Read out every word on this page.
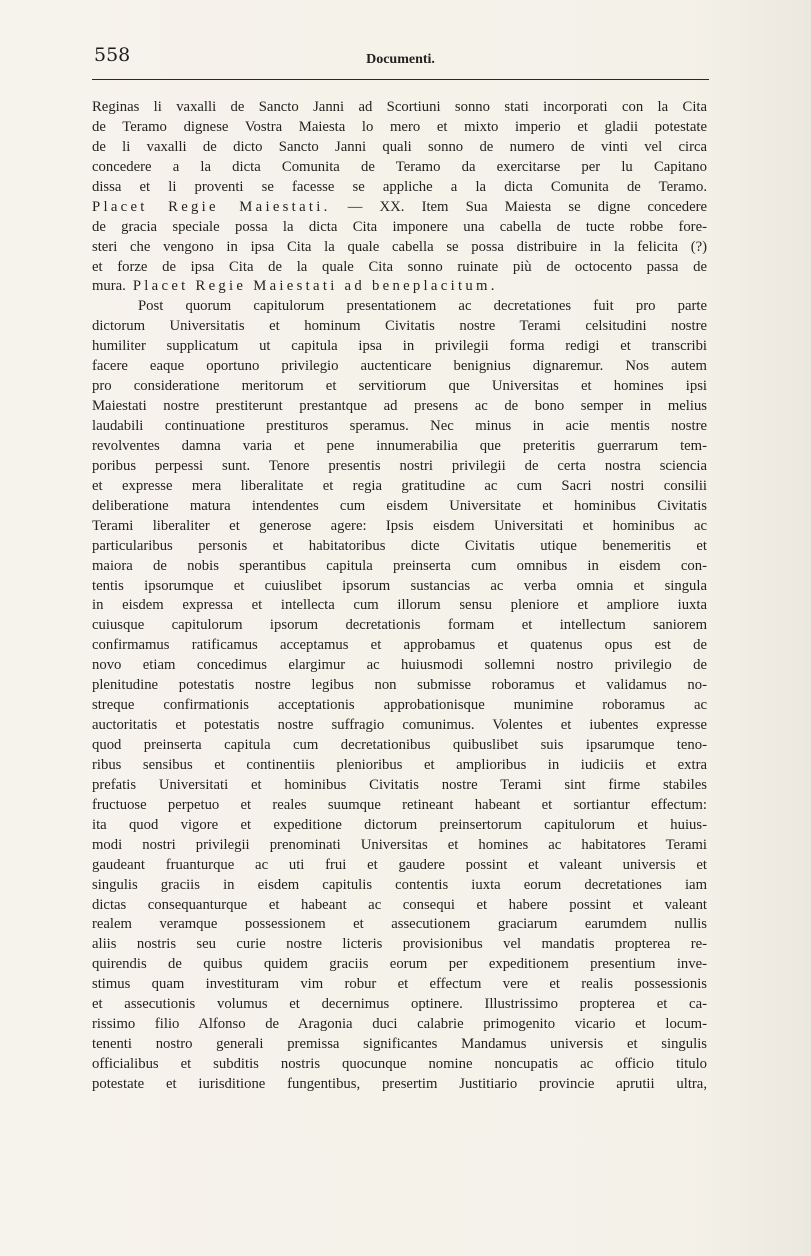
558	Documenti.
Reginas li vaxalli de Sancto Janni ad Scortiuni sonno stati incorporati con la Cita
de Teramo dignese Vostra Maiesta lo mero et mixto imperio et gladii potestate
de li vaxalli de dicto Sancto Janni quali sonno de numero de vinti vel circa
concedere a la dicta Comunita de Teramo da exercitarse per lu Capitano
dissa et li proventi se facesse se appliche a la dicta Comunita de Teramo.
Placet Regie Maiestati. — XX. Item Sua Maiesta se digne concedere
de gracia speciale possa la dicta Cita imponere una cabella de tucte robbe fore-
steri che vengono in ipsa Cita la quale cabella se possa distribuire in la felicita (?)
et forze de ipsa Cita de la quale Cita sonno ruinate più de octocento passa de
mura. Placet Regie Maiestati ad beneplacitum.
Post quorum capitulorum presentationem ac decretationes fuit pro parte
dictorum Universitatis et hominum Civitatis nostre Terami celsitudini nostre
humiliter supplicatum ut capitula ipsa in privilegii forma redigi et transcribi
facere eaque oportuno privilegio auctenticare benignius dignaremur. Nos autem
pro consideratione meritorum et servitiorum que Universitas et homines ipsi
Maiestati nostre prestiterunt prestantque ad presens ac de bono semper in melius
laudabili continuatione prestituros speramus. Nec minus in acie mentis nostre
revolventes damna varia et pene innumerabilia que preteritis guerrarum tem-
poribus perpessi sunt. Tenore presentis nostri privilegii de certa nostra sciencia
et expresse mera liberalitate et regia gratitudine ac cum Sacri nostri consilii
deliberatione matura intendentes cum eisdem Universitate et hominibus Civitatis
Terami liberaliter et generose agere: Ipsis eisdem Universitati et hominibus ac
particularibus personis et habitatoribus dicte Civitatis utique benemeritis et
maiora de nobis sperantibus capitula preinserta cum omnibus in eisdem con-
tentis ipsorumque et cuiuslibet ipsorum sustancias ac verba omnia et singula
in eisdem expressa et intellecta cum illorum sensu pleniore et ampliore iuxta
cuiusque capitulorum ipsorum decretationis formam et intellectum saniorem
confirmamus ratificamus acceptamus et approbamus et quatenus opus est de
novo etiam concedimus elargimur ac huiusmodi sollemni nostro privilegio de
plenitudine potestatis nostre legibus non submisse roboramus et validamus no-
streque confirmationis acceptationis approbationisque munimine roboramus ac
auctoritatis et potestatis nostre suffragio comunimus. Volentes et iubentes expresse
quod preinserta capitula cum decretationibus quibuslibet suis ipsarumque teno-
ribus sensibus et continentiis plenioribus et amplioribus in iudiciis et extra
prefatis Universitati et hominibus Civitatis nostre Terami sint firme stabiles
fructuose perpetuo et reales suumque retineant habeant et sortiantur effectum:
ita quod vigore et expeditione dictorum preinsertorum capitulorum et huius-
modi nostri privilegii prenominati Universitas et homines ac habitatores Terami
gaudeant fruanturque ac uti frui et gaudere possint et valeant universis et
singulis graciis in eisdem capitulis contentis iuxta eorum decretationes iam
dictas consequanturque et habeant ac consequi et habere possint et valeant
realem veramque possessionem et assecutionem graciarum earumdem nullis
aliis nostris seu curie nostre licteris provisionibus vel mandatis propterea re-
quirendis de quibus quidem graciis eorum per expeditionem presentium inve-
stimus quam investituram vim robur et effectum vere et realis possessionis
et assecutionis volumus et decernimus optinere. Illustrissimo propterea et ca-
rissimo filio Alfonso de Aragonia duci calabrie primogenito vicario et locum-
tenenti nostro generali premissa significantes Mandamus universis et singulis
officialibus et subditis nostris quocunque nomine noncupatis ac officio titulo
potestate et iurisditione fungentibus, presertim Justitiario provincie aprutii ultra,
